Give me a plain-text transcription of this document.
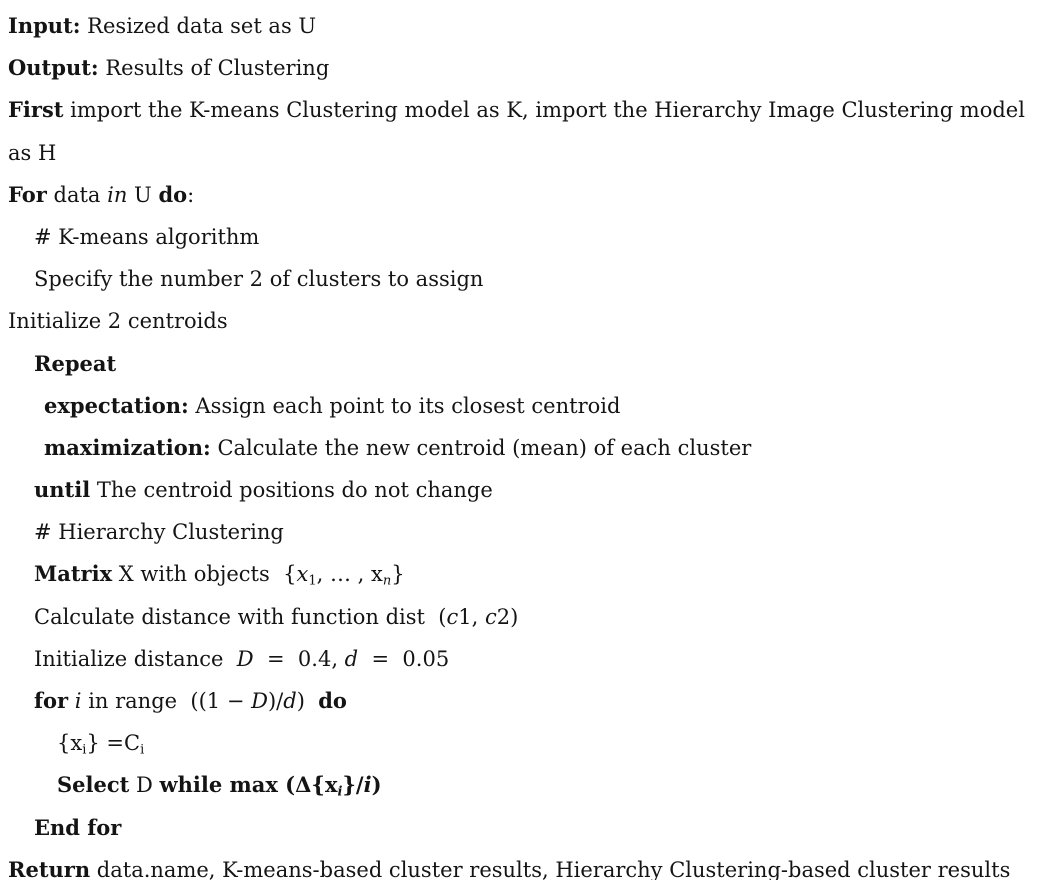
Input: Resized data set as U
Output: Results of Clustering
First import the K-means Clustering model as K, import the Hierarchy Image Clustering model
as H
For data in U do:
# K-means algorithm
Specify the number 2 of clusters to assign
Initialize 2 centroids
Repeat
expectation: Assign each point to its closest centroid
maximization: Calculate the new centroid (mean) of each cluster
until The centroid positions do not change
# Hierarchy Clustering
Matrix X with objects  {$x_1$, … , $x_n$}
Calculate distance with function dist  (c1, c2)
Initialize distance  D  =  0.4, d  =  0.05
for i in range  ((1 − D)/d)  do
$\{x_i\} =C_i$
Select D while $\max (\Delta\{x_i\}/i)$
End for
Return data.name, K-means-based cluster results, Hierarchy Clustering-based cluster results
